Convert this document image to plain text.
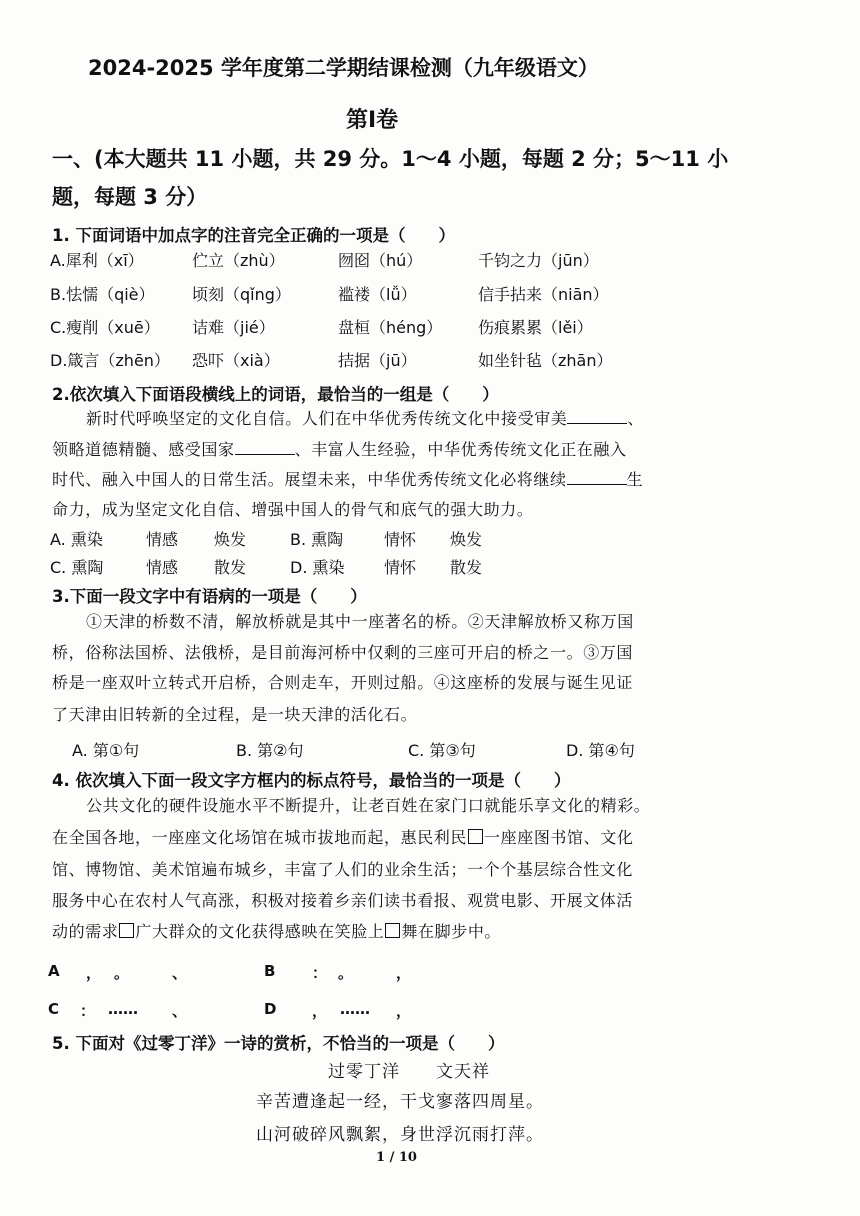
2024-2025 学年度第二学期结课检测（九年级语文）
第Ⅰ卷
一、(本大题共 11 小题，共 29 分。1～4 小题，每题 2 分；5～11 小
题，每题 3 分）
1. 下面词语中加点字的注音完全正确的一项是（　　）
A.犀利（xī）	伫立（zhù）	囫囵（hú）	千钧之力（jūn）
B.怯懦（qiè） 顷刻（qǐng）	褴褛（lǚ）	信手拈来（niān）
C.瘦削（xuē） 诘难（jié）	盘桓（héng） 伤痕累累（lěi）
D.箴言（zhēn） 恐吓（xià）	拮据（jū）	如坐针毡（zhān）
2.依次填入下面语段横线上的词语，最恰当的一组是（　　）
新时代呼唤坚定的文化自信。人们在中华优秀传统文化中接受审美	、
领略道德精髓、感受国家	、丰富人生经验，中华优秀传统文化正在融入
时代、融入中国人的日常生活。展望未来，中华优秀传统文化必将继续	生
命力，成为坚定文化自信、增强中国人的骨气和底气的强大助力。
A. 熏染	情感 焕发	B. 熏陶	情怀 焕发
C. 熏陶	情感 散发	D. 熏染 情怀 散发
3.下面一段文字中有语病的一项是（　　）
①天津的桥数不清，解放桥就是其中一座著名的桥。②天津解放桥又称万国
桥，俗称法国桥、法俄桥，是目前海河桥中仅剩的三座可开启的桥之一。③万国
桥是一座双叶立转式开启桥，合则走车，开则过船。④这座桥的发展与诞生见证
了天津由旧转新的全过程，是一块天津的活化石。
A. 第①句	B. 第②句	C. 第③句	D. 第④句
4. 依次填入下面一段文字方框内的标点符号，最恰当的一项是（　　）
公共文化的硬件设施水平不断提升，让老百姓在家门口就能乐享文化的精彩。
在全国各地，一座座文化场馆在城市拔地而起，惠民利民 一座座图书馆、文化
馆、博物馆、美术馆遍布城乡，丰富了人们的业余生活；一个个基层综合性文化
服务中心在农村人气高涨，积极对接着乡亲们读书看报、观赏电影、开展文体活
动的需求 广大群众的文化获得感映在笑脸上 舞在脚步中。
A ， 。	、	B ： 。	，
C ： …… 、	D ， …… ，
5. 下面对《过零丁洋》一诗的赏析，不恰当的一项是（　　）
过零丁洋　　文天祥
辛苦遭逢起一经，干戈寥落四周星。
山河破碎风飘絮，身世浮沉雨打萍。
1 / 10
